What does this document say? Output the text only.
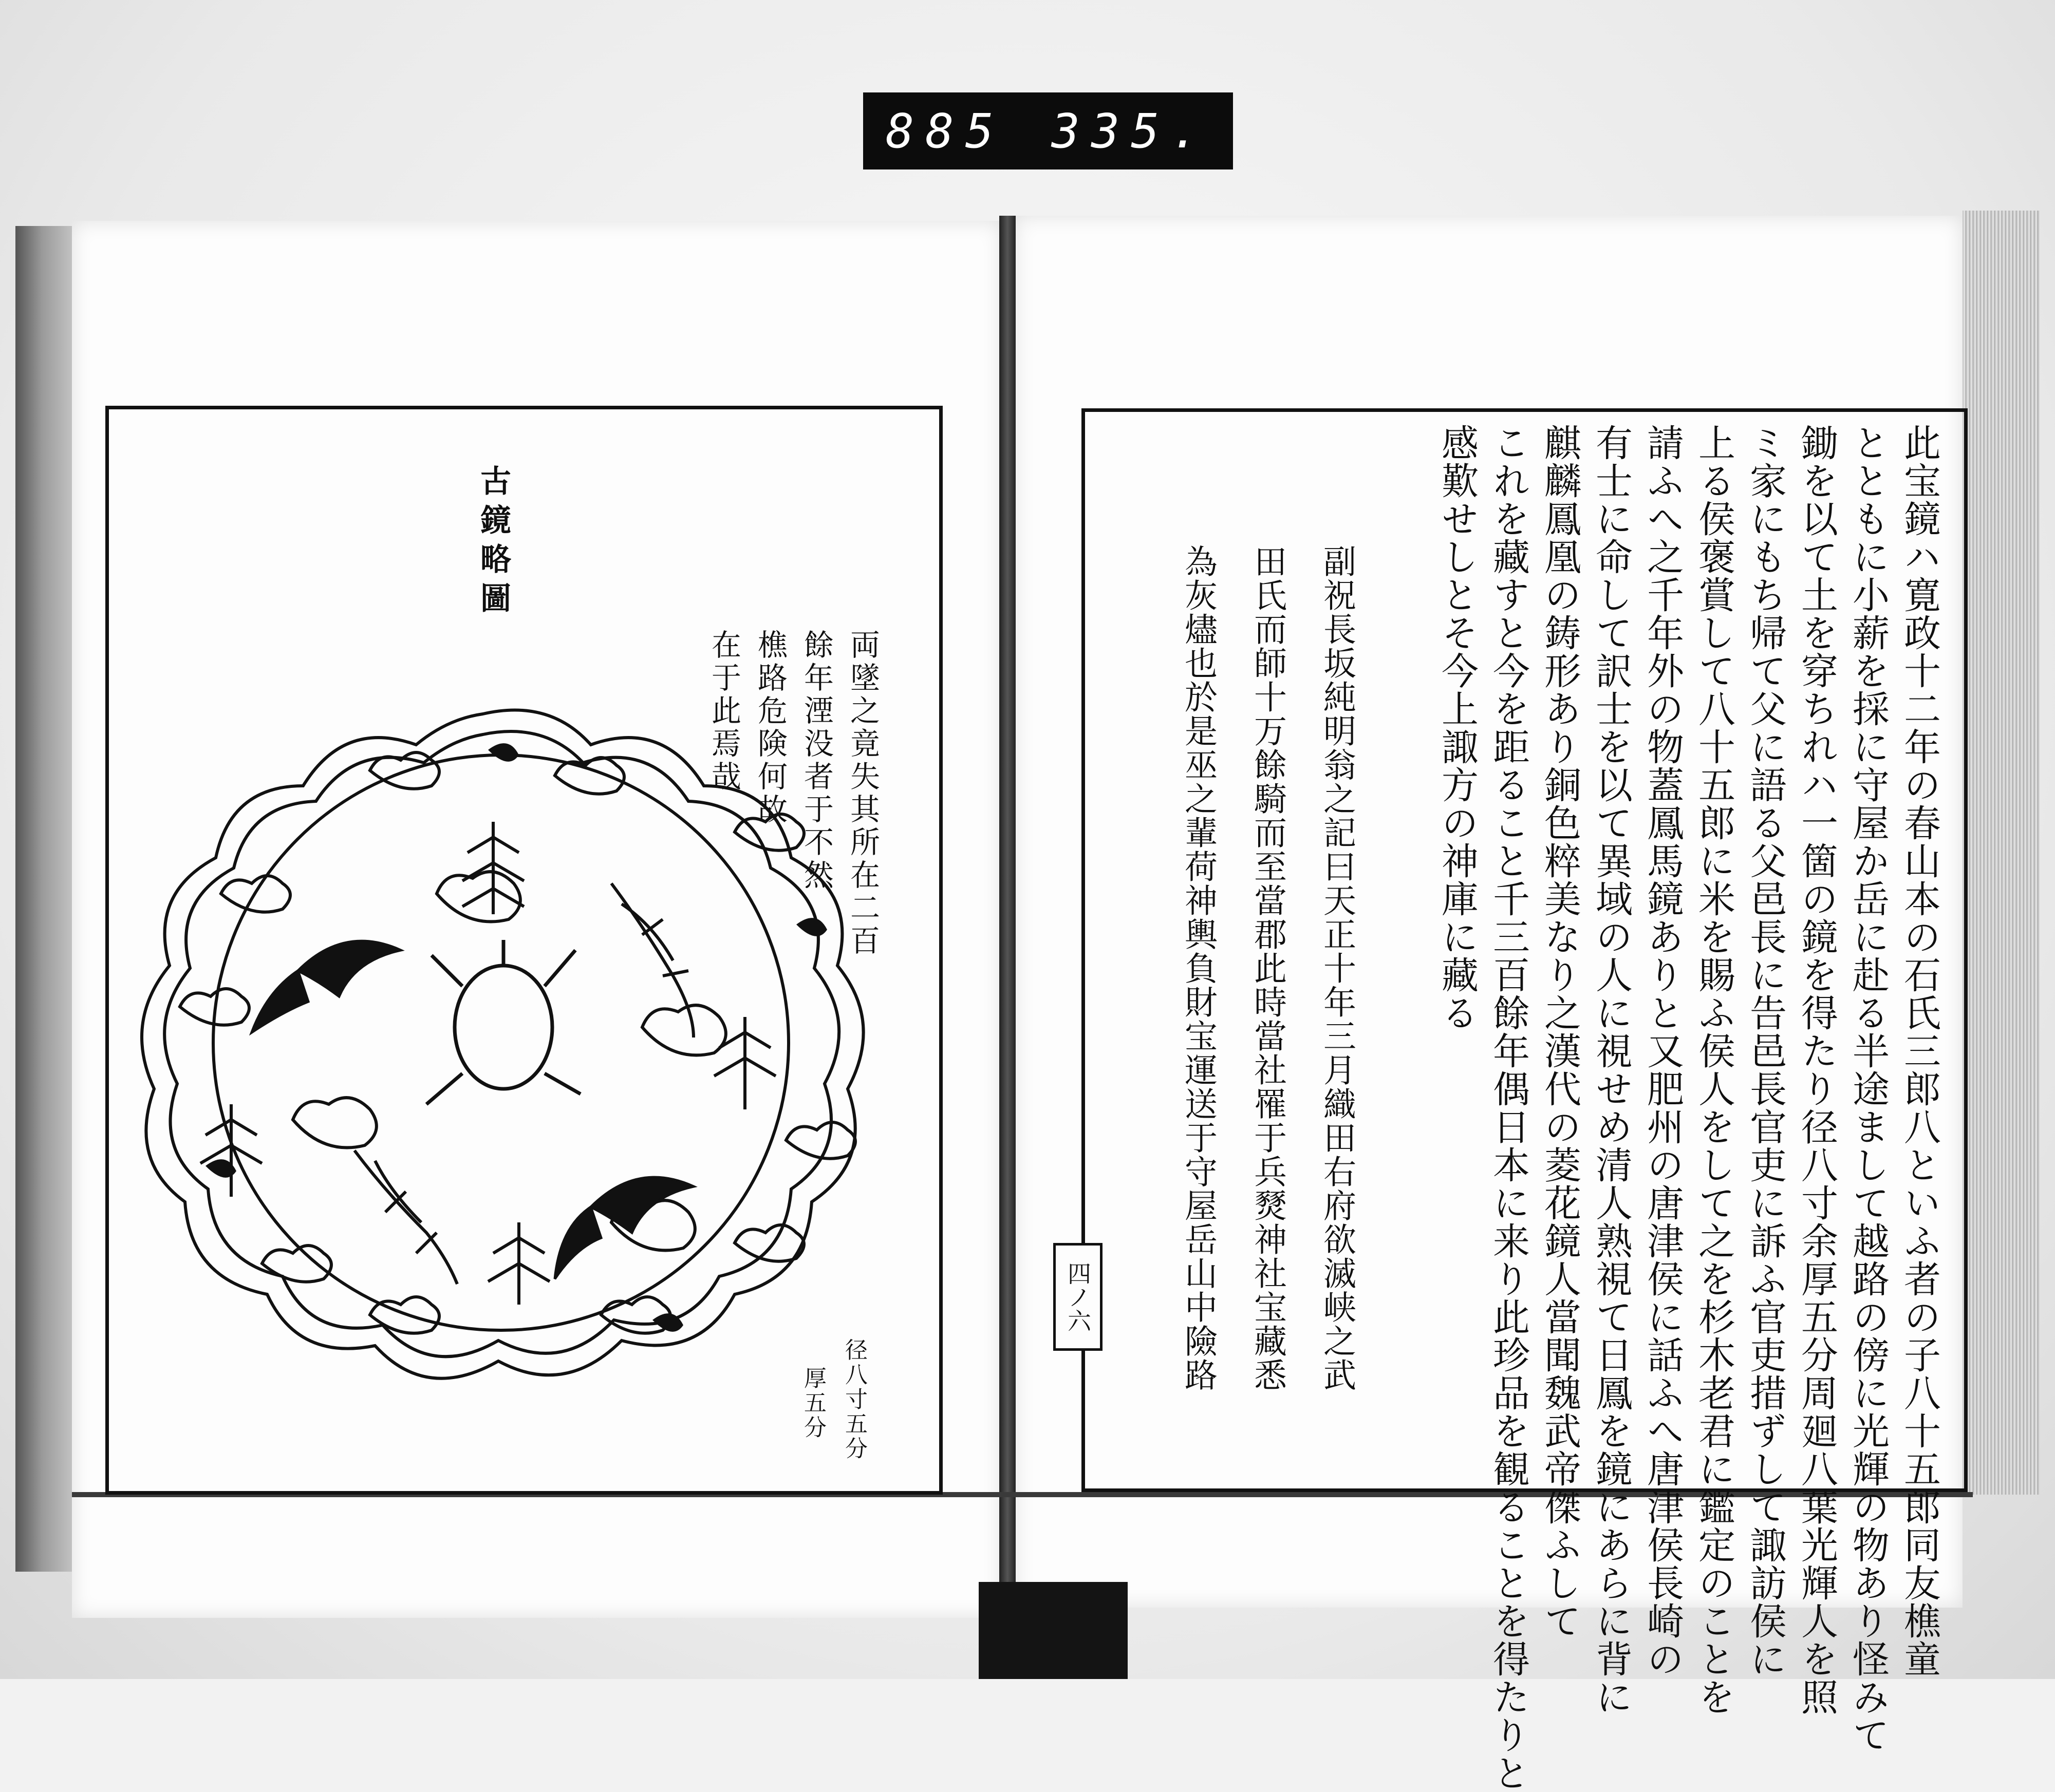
885 335.
古鏡略圖
両墜之竟失其所在二百
餘年湮没者于不然
樵路危険何故
在于此焉哉
径八寸五分
厚五分	此宝鏡ハ寛政十二年の春山本の石氏三郎八といふ者の子八十五郎同友樵童
とともに小薪を採に守屋か岳に赴る半途まして越路の傍に光輝の物あり怪みて
鋤を以て土を穿ちれハ一箇の鏡を得たり径八寸余厚五分周廻八葉光輝人を照
ミ家にもち帰て父に語る父邑長に告邑長官吏に訴ふ官吏措ずして諏訪侯に
上る侯褒賞して八十五郎に米を賜ふ侯人をして之を杉木老君に鑑定のことを
請ふへ之千年外の物蓋鳳馬鏡ありと又肥州の唐津侯に話ふへ唐津侯長崎の
有士に命して訳士を以て異域の人に視せめ清人熟視て日鳳を鏡にあらに背に
麒麟鳳凰の鋳形あり銅色粹美なり之漢代の菱花鏡人當聞魏武帝傑ふして
これを藏すと今を距ること千三百餘年偶日本に来り此珍品を観ることを得たりと
感歎せしとそ今上諏方の神庫に藏る
副祝長坂純明翁之記曰天正十年三月織田右府欲滅峡之武
田氏而師十万餘騎而至當郡此時當社罹于兵燹神社宝藏悉
為灰燼也於是巫之輩荷神輿負財宝運送于守屋岳山中險路
四ノ六
